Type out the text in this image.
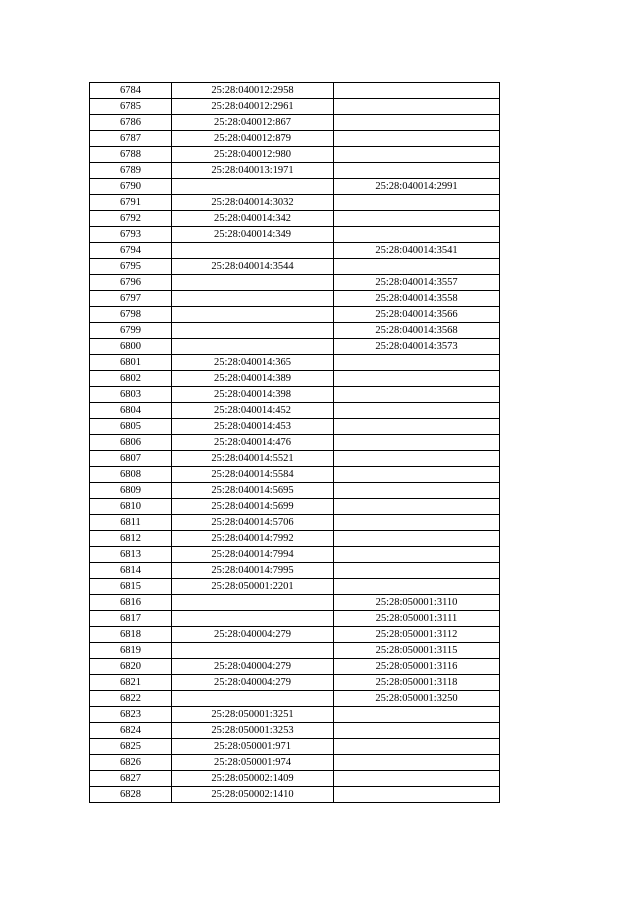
6784	25:28:040012:2958	
6785	25:28:040012:2961	
6786	25:28:040012:867	
6787	25:28:040012:879	
6788	25:28:040012:980	
6789	25:28:040013:1971	
6790		25:28:040014:2991
6791	25:28:040014:3032	
6792	25:28:040014:342	
6793	25:28:040014:349	
6794		25:28:040014:3541
6795	25:28:040014:3544	
6796		25:28:040014:3557
6797		25:28:040014:3558
6798		25:28:040014:3566
6799		25:28:040014:3568
6800		25:28:040014:3573
6801	25:28:040014:365	
6802	25:28:040014:389	
6803	25:28:040014:398	
6804	25:28:040014:452	
6805	25:28:040014:453	
6806	25:28:040014:476	
6807	25:28:040014:5521	
6808	25:28:040014:5584	
6809	25:28:040014:5695	
6810	25:28:040014:5699	
6811	25:28:040014:5706	
6812	25:28:040014:7992	
6813	25:28:040014:7994	
6814	25:28:040014:7995	
6815	25:28:050001:2201	
6816		25:28:050001:3110
6817		25:28:050001:3111
6818	25:28:040004:279	25:28:050001:3112
6819		25:28:050001:3115
6820	25:28:040004:279	25:28:050001:3116
6821	25:28:040004:279	25:28:050001:3118
6822		25:28:050001:3250
6823	25:28:050001:3251	
6824	25:28:050001:3253	
6825	25:28:050001:971	
6826	25:28:050001:974	
6827	25:28:050002:1409	
6828	25:28:050002:1410	
